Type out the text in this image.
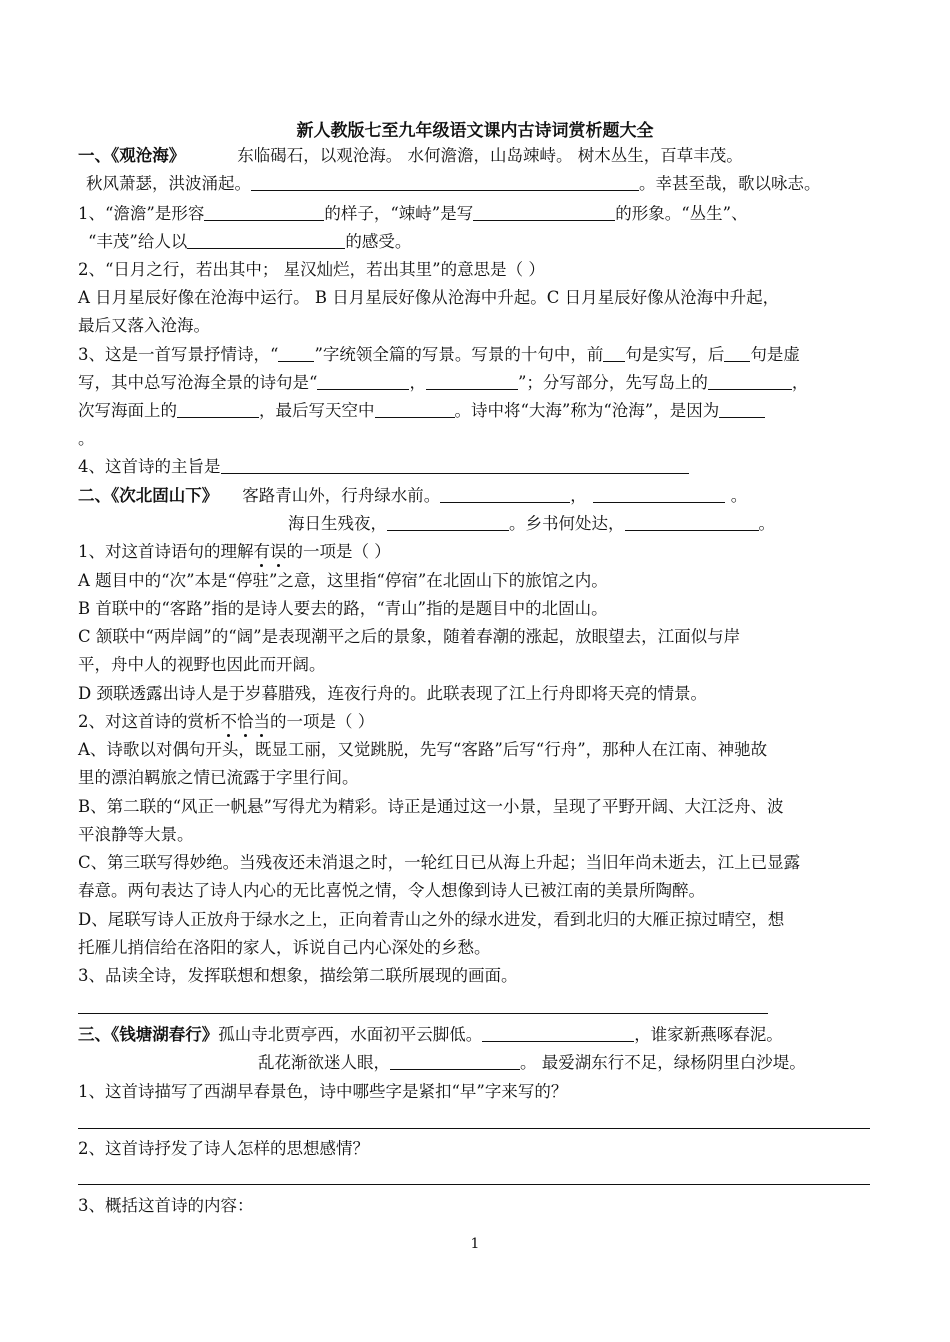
新人教版七至九年级语文课内古诗词赏析题大全
一、《观沧海》	东临碣石，以观沧海。 水何澹澹，山岛竦峙。 树木丛生，百草丰茂。
秋风萧瑟，洪波涌起。	。幸甚至哉，歌以咏志。
1、“澹澹”是形容	的样子，“竦峙”是写	的形象。“丛生”、
“丰茂”给人以	的感受。
2、“日月之行，若出其中； 星汉灿烂，若出其里”的意思是（ ）
A 日月星辰好像在沧海中运行。 B 日月星辰好像从沧海中升起。C 日月星辰好像从沧海中升起，
最后又落入沧海。
3、这是一首写景抒情诗，“ ”字统领全篇的写景。写景的十句中，前 句是实写，后 句是虚
写，其中总写沧海全景的诗句是“	，	”；分写部分，先写岛上的	，
次写海面上的	，最后写天空中	。诗中将“大海”称为“沧海”，是因为
。
4、这首诗的主旨是
二、《次北固山下》 客路青山外，行舟绿水前。	，	。
海日生残夜，	。乡书何处达，	。
1、对这首诗语句的理解有误的一项是（ ）
A 题目中的“次”本是“停驻”之意，这里指“停宿”在北固山下的旅馆之内。
B 首联中的“客路”指的是诗人要去的路，“青山”指的是题目中的北固山。
C 颔联中“两岸阔”的“阔”是表现潮平之后的景象，随着春潮的涨起，放眼望去，江面似与岸
平，舟中人的视野也因此而开阔。
D 颈联透露出诗人是于岁暮腊残，连夜行舟的。此联表现了江上行舟即将天亮的情景。
2、对这首诗的赏析不恰当的一项是（ ）
A、诗歌以对偶句开头，既显工丽，又觉跳脱，先写“客路”后写“行舟”，那种人在江南、神驰故
里的漂泊羁旅之情已流露于字里行间。
B、第二联的“风正一帆悬”写得尤为精彩。诗正是通过这一小景，呈现了平野开阔、大江泛舟、波
平浪静等大景。
C、第三联写得妙绝。当残夜还未消退之时，一轮红日已从海上升起；当旧年尚未逝去，江上已显露
春意。两句表达了诗人内心的无比喜悦之情，令人想像到诗人已被江南的美景所陶醉。
D、尾联写诗人正放舟于绿水之上，正向着青山之外的绿水进发，看到北归的大雁正掠过晴空，想
托雁儿捎信给在洛阳的家人，诉说自己内心深处的乡愁。
3、品读全诗，发挥联想和想象，描绘第二联所展现的画面。
三、《钱塘湖春行》孤山寺北贾亭西，水面初平云脚低。	，谁家新燕啄春泥。
乱花渐欲迷人眼，	。 最爱湖东行不足，绿杨阴里白沙堤。
1、这首诗描写了西湖早春景色，诗中哪些字是紧扣“早”字来写的？
2、这首诗抒发了诗人怎样的思想感情？
3、概括这首诗的内容：
1
